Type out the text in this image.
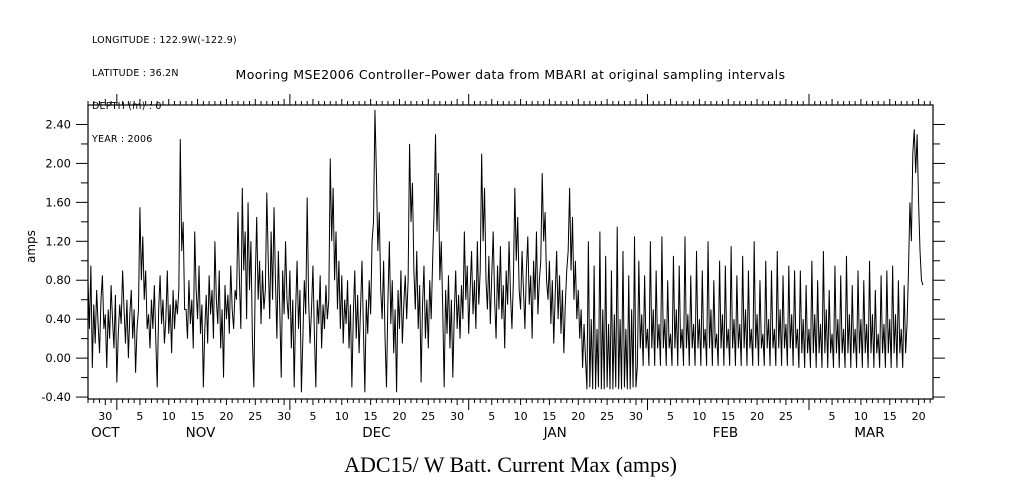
LONGITUDE : 122.9W(-122.9)

LATITUDE : 36.2N

DEPTH (m) : 0

YEAR : 2006

Mooring MSE2006 Controller–Power data from MBARI at original sampling intervals
amps
-0.40
0.00
0.40
0.80
1.20
1.60
2.00
2.40
30 5 10 15 20 25 30 5 10 15 20 25 30 5 10 15 20 25 30 5 10 15 20 25	5 10 15 20
OCT	NOV	DEC	JAN	FEB	MAR
ADC15/ W Batt. Current Max (amps)
